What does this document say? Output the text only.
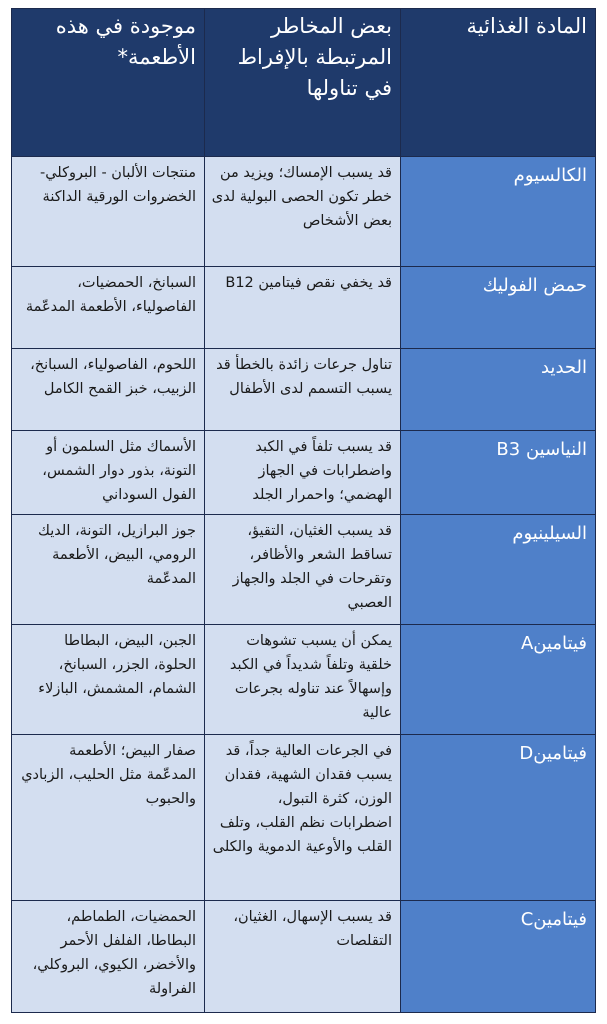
المادة الغذائية	بعض المخاطر المرتبطة بالإفراط في تناولها	موجودة في هذه الأطعمة*
الكالسيوم	قد يسبب الإمساك؛ ويزيد من خطر تكون الحصى البولية لدى بعض الأشخاص	منتجات الألبان - البروكلي- الخضروات الورقية الداكنة
حمض الفوليك	قد يخفي نقص فيتامين B12	السبانخ، الحمضيات، الفاصولياء، الأطعمة المدعّمة
الحديد	تناول جرعات زائدة بالخطأ قد يسبب التسمم لدى الأطفال	اللحوم، الفاصولياء، السبانخ، الزبيب، خبز القمح الكامل
النياسين B3	قد يسبب تلفاً في الكبد واضطرابات في الجهاز الهضمي؛ واحمرار الجلد	الأسماك مثل السلمون أو التونة، بذور دوار الشمس، الفول السوداني
السيلينيوم	قد يسبب الغثيان، التقيؤ، تساقط الشعر والأظافر، وتقرحات في الجلد والجهاز العصبي	جوز البرازيل، التونة، الديك الرومي، البيض، الأطعمة المدعّمة
فيتامينA	يمكن أن يسبب تشوهات خلقية وتلفاً شديداً في الكبد وإسهالاً عند تناوله بجرعات عالية	الجبن، البيض، البطاطا الحلوة، الجزر، السبانخ، الشمام، المشمش، البازلاء
فيتامينD	في الجرعات العالية جداً، قد يسبب فقدان الشهية، فقدان الوزن، كثرة التبول، اضطرابات نظم القلب، وتلف القلب والأوعية الدموية والكلى	صفار البيض؛ الأطعمة المدعّمة مثل الحليب، الزبادي والحبوب
فيتامينC	قد يسبب الإسهال، الغثيان، التقلصات	الحمضيات، الطماطم، البطاطا، الفلفل الأحمر والأخضر، الكيوي، البروكلي، الفراولة
